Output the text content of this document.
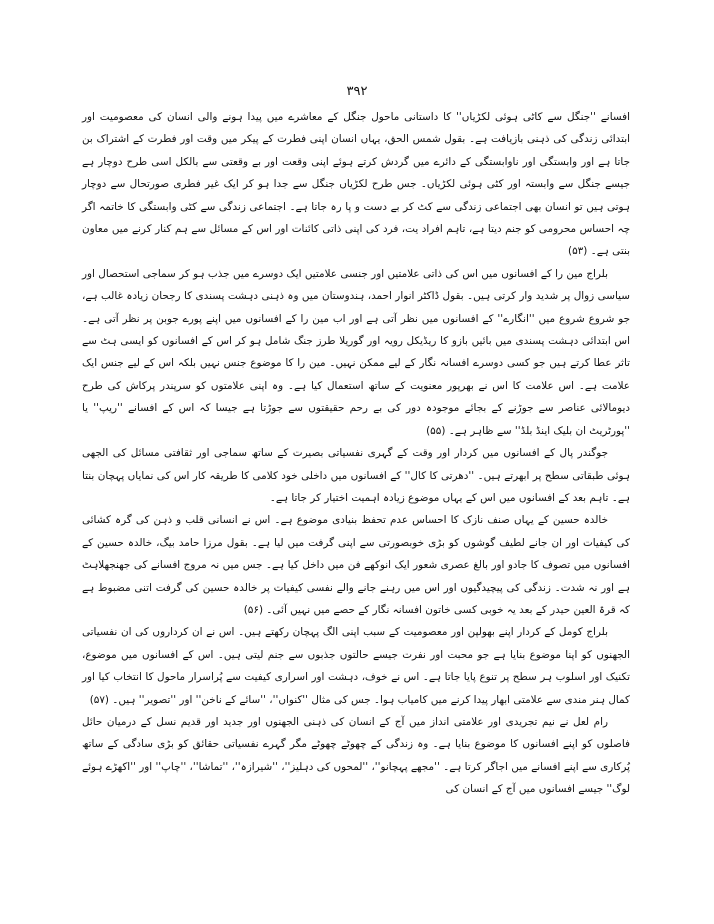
۳۹۲

افسانے ''جنگل سے کاٹی ہوئی لکڑیاں'' کا داستانی ماحول جنگل کے معاشرے میں پیدا ہونے والی انسان کی معصومیت اور ابتدائی زندگی کی ذہنی بازیافت ہے۔ بقول شمس الحق، یہاں انسان اپنی فطرت کے پیکر میں وقت اور فطرت کے اشتراک بن جاتا ہے اور وابستگی اور ناوابستگی کے دائرے میں گردش کرتے ہوئے اپنی وقعت اور بے وقعتی سے بالکل اسی طرح دوچار ہے جیسے جنگل سے وابستہ اور کٹی ہوئی لکڑیاں۔ جس طرح لکڑیاں جنگل سے جدا ہو کر ایک غیر فطری صورتحال سے دوچار ہوتی ہیں تو انسان بھی اجتماعی زندگی سے کٹ کر بے دست و پا رہ جاتا ہے۔ اجتماعی زندگی سے کٹی وابستگی کا خاتمہ اگر چہ احساس محرومی کو جنم دیتا ہے، تاہم افراد یت، فرد کی اپنی ذاتی کائنات اور اس کے مسائل سے ہم کنار کرنے میں معاون بنتی ہے۔ (۵۳)

بلراج مین را کے افسانوں میں اس کی ذاتی علامتیں اور جنسی علامتیں ایک دوسرے میں جذب ہو کر سماجی استحصال اور سیاسی زوال پر شدید وار کرتی ہیں۔ بقول ڈاکٹر انوار احمد، ہندوستان میں وہ ذہنی دہشت پسندی کا رجحان زیادہ غالب ہے، جو شروع شروع میں ''انگارے'' کے افسانوں میں نظر آتی ہے اور اب مین را کے افسانوں میں اپنے پورے جوبن پر نظر آتی ہے۔ اس ابتدائی دہشت پسندی میں بائیں بازو کا ریڈیکل رویہ اور گوریلا طرز جنگ شامل ہو کر اس کے افسانوں کو ایسی ہٹ سے تاثر عطا کرتے ہیں جو کسی دوسرے افسانہ نگار کے لیے ممکن نہیں۔ مین را کا موضوع جنس نہیں بلکہ اس کے لیے جنس ایک علامت ہے۔ اس علامت کا اس نے بھرپور معنویت کے ساتھ استعمال کیا ہے۔ وہ اپنی علامتوں کو سرپندر پرکاش کی طرح دیومالائی عناصر سے جوڑنے کے بجائے موجودہ دور کی بے رحم حقیقتوں سے جوڑتا ہے جیسا کہ اس کے افسانے ''ریپ'' یا ''پورٹریٹ ان بلیک اینڈ بلڈ'' سے ظاہر ہے۔ (۵۵)

جوگندر پال کے افسانوں میں کردار اور وقت کے گہری نفسیاتی بصیرت کے ساتھ سماجی اور ثقافتی مسائل کی الجھی ہوئی طبقاتی سطح پر ابھرتے ہیں۔ ''دھرتی کا کال'' کے افسانوں میں داخلی خود کلامی کا طریقہ کار اس کی نمایاں پہچان بنتا ہے۔ تاہم بعد کے افسانوں میں اس کے یہاں موضوع زیادہ اہمیت اختیار کر جاتا ہے۔

خالدہ حسین کے یہاں صنف نازک کا احساس عدم تحفظ بنیادی موضوع ہے۔ اس نے انسانی قلب و ذہن کی گرہ کشائی کی کیفیات اور ان جانے لطیف گوشوں کو بڑی خوبصورتی سے اپنی گرفت میں لیا ہے۔ بقول مرزا حامد بیگ، خالدہ حسین کے افسانوں میں تصوف کا جادو اور بالغ عصری شعور ایک انوکھے فن میں داخل کیا ہے۔ جس میں نہ مروج افسانے کی جھنجھلاہٹ ہے اور نہ شدت۔ زندگی کی پیچیدگیوں اور اس میں رہنے جانے والے نفسی کیفیات پر خالدہ حسین کی گرفت اتنی مضبوط ہے کہ قرۃ العین حیدر کے بعد یہ خوبی کسی خاتون افسانہ نگار کے حصے میں نہیں آئی۔ (۵۶)

بلراج کومل کے کردار اپنے بھولپن اور معصومیت کے سبب اپنی الگ پہچان رکھتے ہیں۔ اس نے ان کرداروں کی ان نفسیاتی الجھنوں کو اپنا موضوع بنایا ہے جو محبت اور نفرت جیسے حالتوں جذبوں سے جنم لیتی ہیں۔ اس کے افسانوں میں موضوع، تکنیک اور اسلوب ہر سطح پر تنوع پایا جاتا ہے۔ اس نے خوف، دہشت اور اسراری کیفیت سے پُراسرار ماحول کا انتخاب کیا اور کمال ہنر مندی سے علامتی ابھار پیدا کرنے میں کامیاب ہوا۔ جس کی مثال ''کنواں''، ''سائے کے ناخن'' اور ''تصویر'' ہیں۔ (۵۷)

رام لعل نے نیم تجریدی اور علامتی انداز میں آج کے انسان کی ذہنی الجھنوں اور جدید اور قدیم نسل کے درمیان حائل فاصلوں کو اپنے افسانوں کا موضوع بنایا ہے۔ وہ زندگی کے چھوٹے چھوٹے مگر گہرے نفسیاتی حقائق کو بڑی سادگی کے ساتھ پُرکاری سے اپنے افسانے میں اجاگر کرتا ہے۔ ''مجھے پہچانو''، ''لمحوں کی دہلیز''، ''شیرازہ''، ''تماشا''، ''چاپ'' اور ''اکھڑے ہوئے لوگ'' جیسے افسانوں میں آج کے انسان کی
